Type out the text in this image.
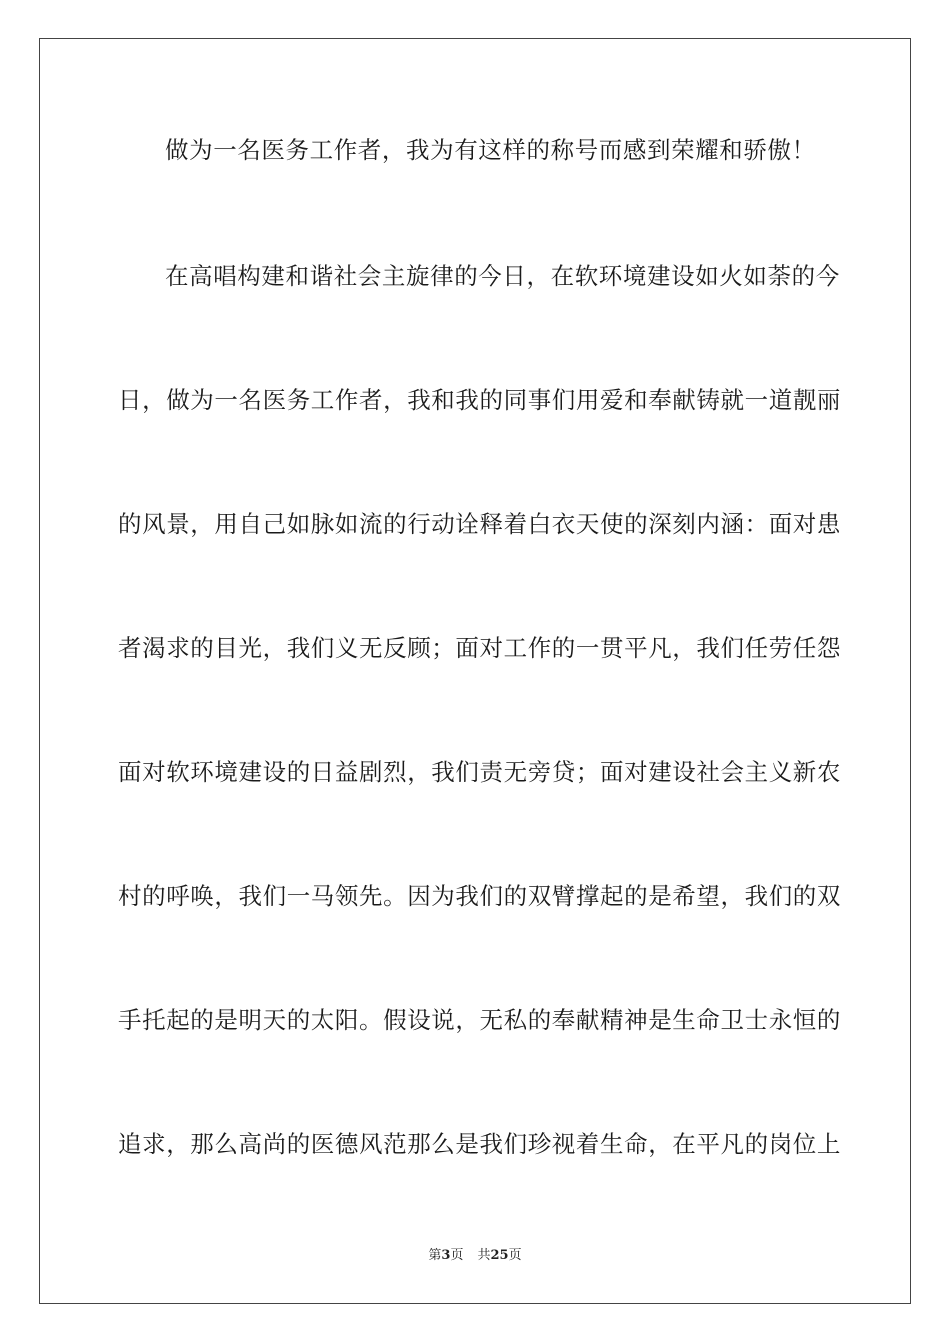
做为一名医务工作者，我为有这样的称号而感到荣耀和骄傲！
在高唱构建和谐社会主旋律的今日，在软环境建设如火如荼的今
日，做为一名医务工作者，我和我的同事们用爱和奉献铸就一道靓丽
的风景，用自己如脉如流的行动诠释着白衣天使的深刻内涵：面对患
者渴求的目光，我们义无反顾；面对工作的一贯平凡，我们任劳任怨
面对软环境建设的日益剧烈，我们责无旁贷；面对建设社会主义新农
村的呼唤，我们一马领先。因为我们的双臂撑起的是希望，我们的双
手托起的是明天的太阳。假设说，无私的奉献精神是生命卫士永恒的
追求，那么高尚的医德风范那么是我们珍视着生命，在平凡的岗位上
第3页 共25页
